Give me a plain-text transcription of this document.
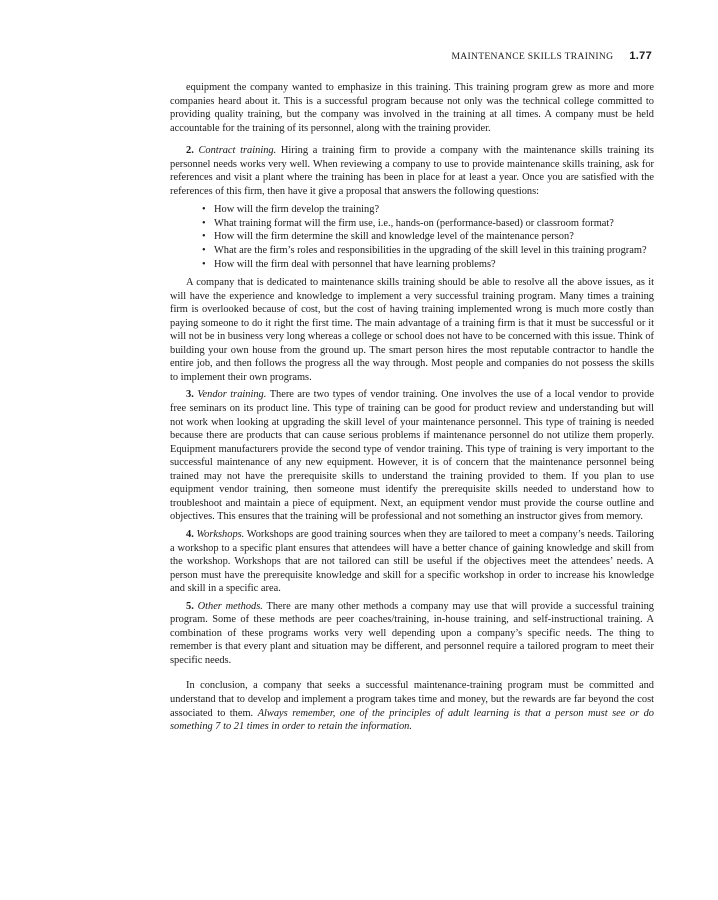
MAINTENANCE SKILLS TRAINING 1.77

equipment the company wanted to emphasize in this training. This training program grew as more and more companies heard about it. This is a successful program because not only was the technical college committed to providing quality training, but the company was involved in the training at all times. A company must be held accountable for the training of its personnel, along with the training provider.

2. Contract training. Hiring a training firm to provide a company with the maintenance skills training its personnel needs works very well. When reviewing a company to use to provide maintenance skills training, ask for references and visit a plant where the training has been in place for at least a year. Once you are satisfied with the references of this firm, then have it give a proposal that answers the following questions:

• How will the firm develop the training?
• What training format will the firm use, i.e., hands-on (performance-based) or classroom format?
• How will the firm determine the skill and knowledge level of the maintenance person?
• What are the firm’s roles and responsibilities in the upgrading of the skill level in this training program?
• How will the firm deal with personnel that have learning problems?

A company that is dedicated to maintenance skills training should be able to resolve all the above issues, as it will have the experience and knowledge to implement a very successful training program. Many times a training firm is overlooked because of cost, but the cost of having training implemented wrong is much more costly than paying someone to do it right the first time. The main advantage of a training firm is that it must be successful or it will not be in business very long whereas a college or school does not have to be concerned with this issue. Think of building your own house from the ground up. The smart person hires the most reputable contractor to handle the entire job, and then follows the progress all the way through. Most people and companies do not possess the skills to implement their own programs.

3. Vendor training. There are two types of vendor training. One involves the use of a local vendor to provide free seminars on its product line. This type of training can be good for product review and understanding but will not work when looking at upgrading the skill level of your maintenance personnel. This type of training is needed because there are products that can cause serious problems if maintenance personnel do not utilize them properly. Equipment manufacturers provide the second type of vendor training. This type of training is very important to the successful maintenance of any new equipment. However, it is of concern that the maintenance personnel being trained may not have the prerequisite skills to understand the training provided to them. If you plan to use equipment vendor training, then someone must identify the prerequisite skills needed to understand how to troubleshoot and maintain a piece of equipment. Next, an equipment vendor must provide the course outline and objectives. This ensures that the training will be professional and not something an instructor gives from memory.

4. Workshops. Workshops are good training sources when they are tailored to meet a company’s needs. Tailoring a workshop to a specific plant ensures that attendees will have a better chance of gaining knowledge and skill from the workshop. Workshops that are not tailored can still be useful if the objectives meet the attendees’ needs. A person must have the prerequisite knowledge and skill for a specific workshop in order to increase his knowledge and skill in a specific area.

5. Other methods. There are many other methods a company may use that will provide a successful training program. Some of these methods are peer coaches/training, in-house training, and self-instructional training. A combination of these programs works very well depending upon a company’s specific needs. The thing to remember is that every plant and situation may be different, and personnel require a tailored program to meet their specific needs.

In conclusion, a company that seeks a successful maintenance-training program must be committed and understand that to develop and implement a program takes time and money, but the rewards are far beyond the cost associated to them. Always remember, one of the principles of adult learning is that a person must see or do something 7 to 21 times in order to retain the information.
